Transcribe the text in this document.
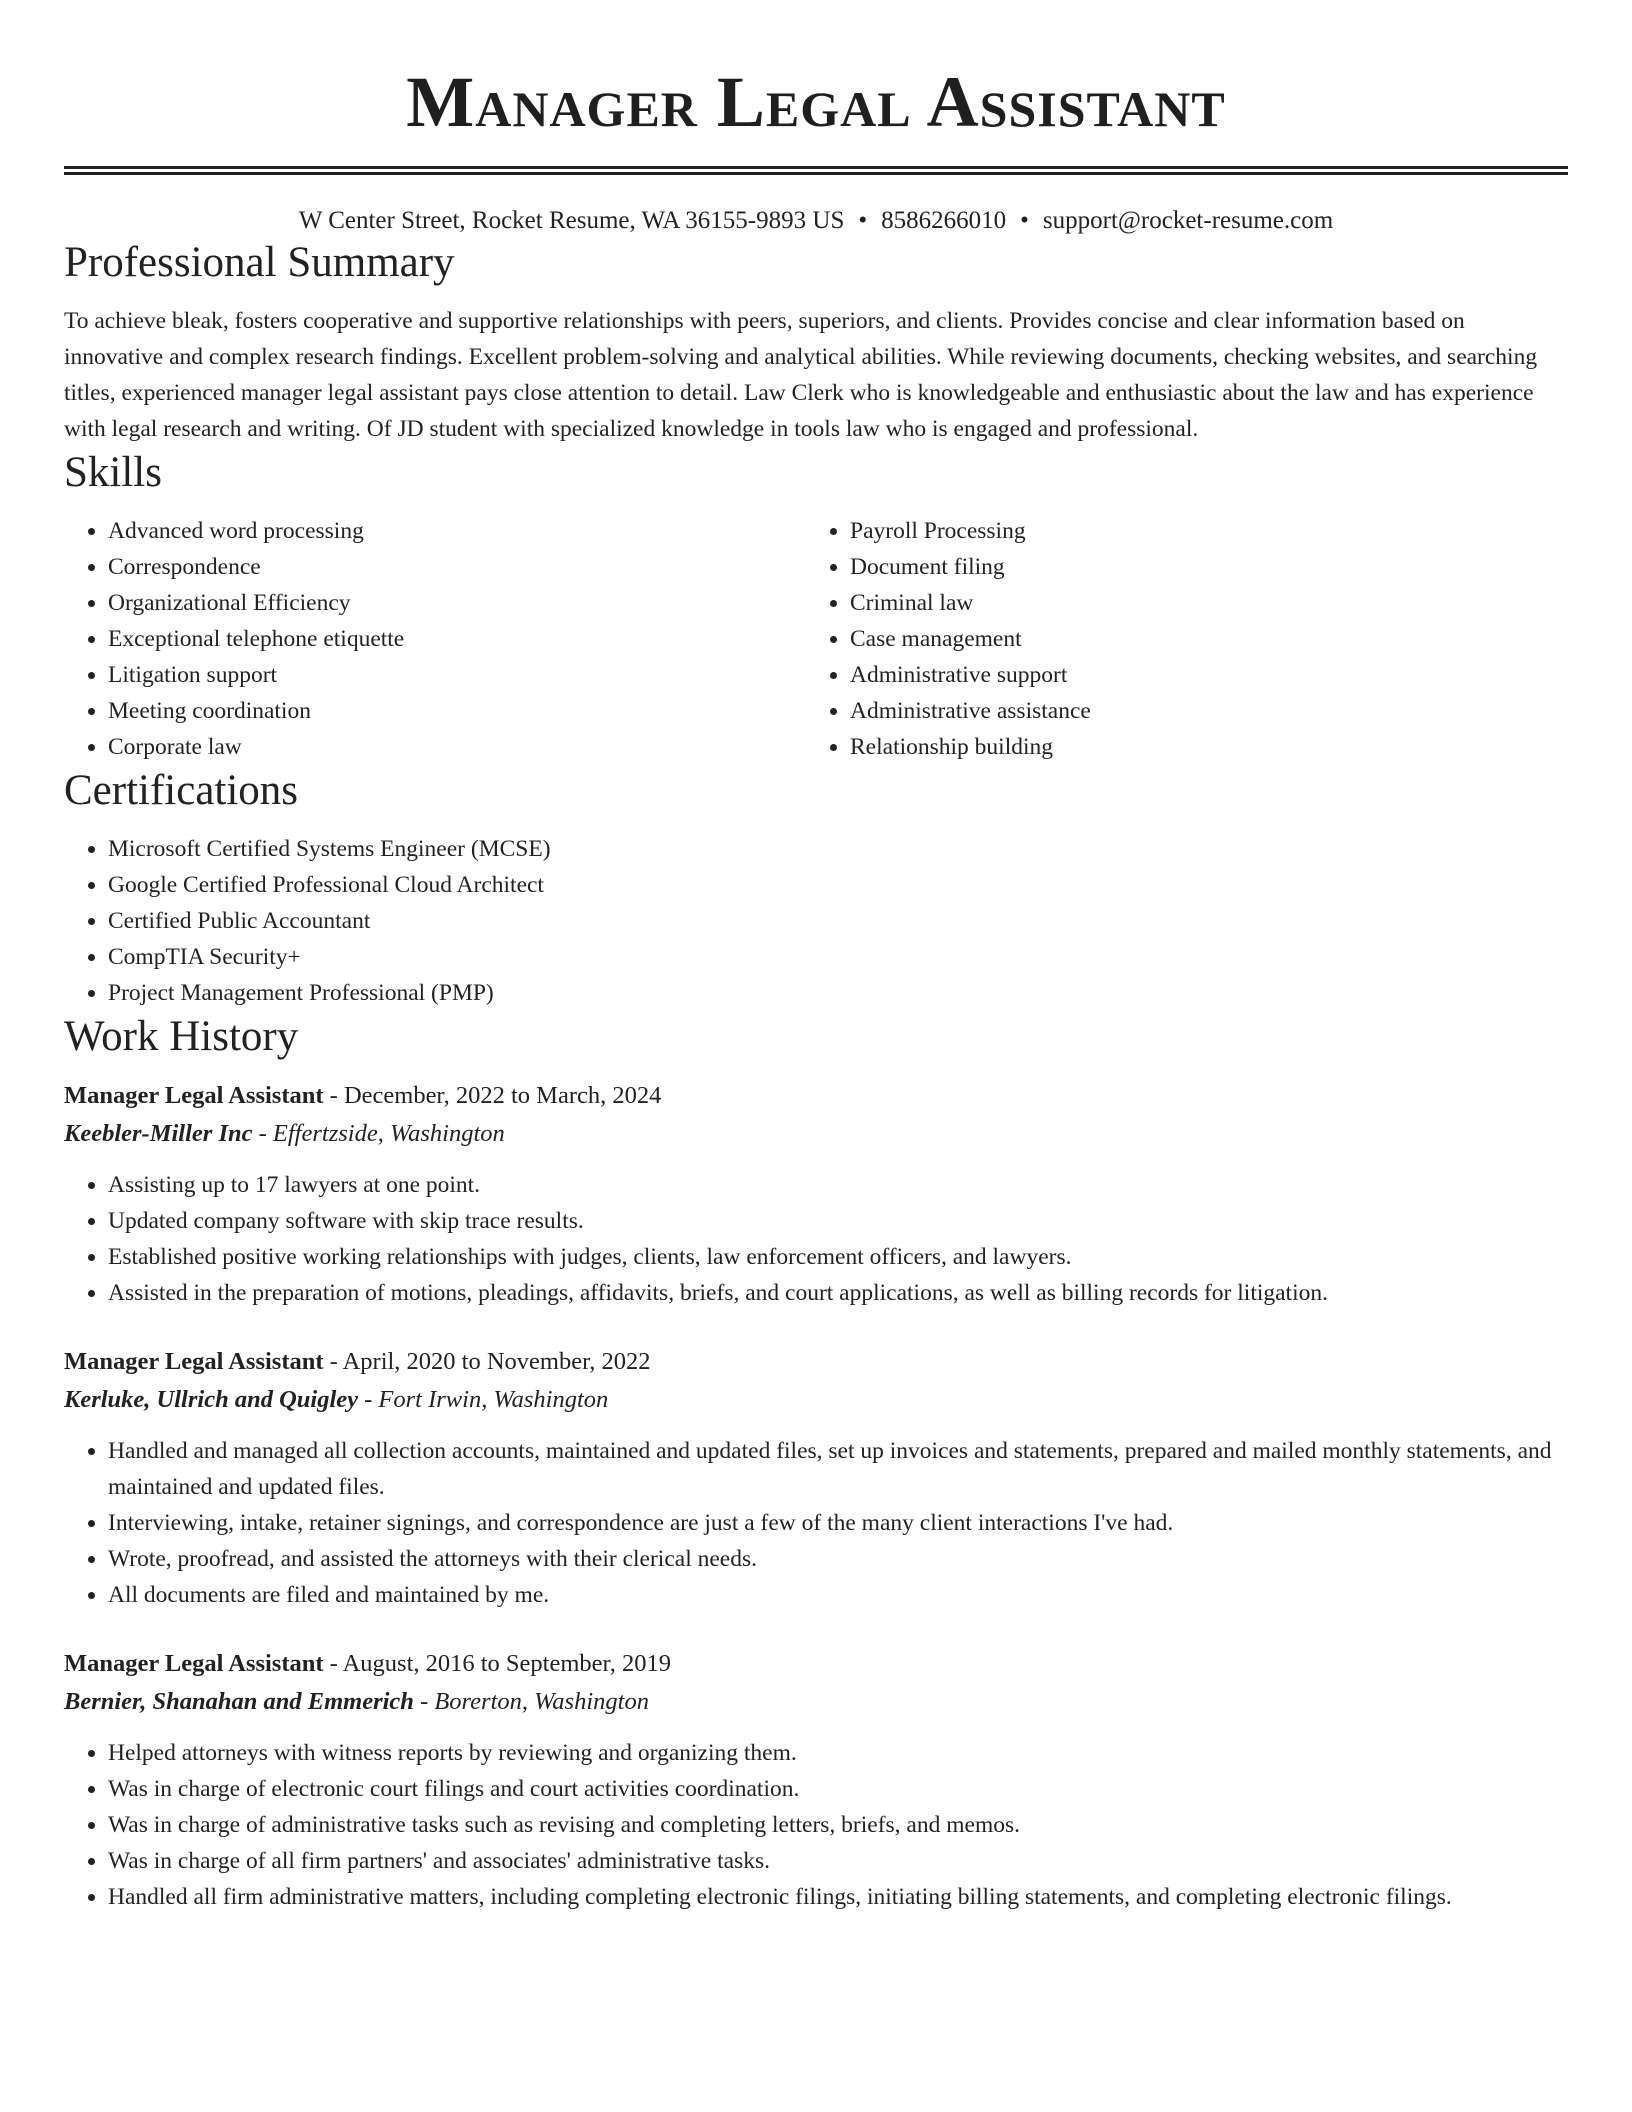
Manager Legal Assistant
W Center Street, Rocket Resume, WA 36155-9893 US • 8586266010 • support@rocket-resume.com
Professional Summary

To achieve bleak, fosters cooperative and supportive relationships with peers, superiors, and clients. Provides concise and clear information based on innovative and complex research findings. Excellent problem-solving and analytical abilities. While reviewing documents, checking websites, and searching titles, experienced manager legal assistant pays close attention to detail. Law Clerk who is knowledgeable and enthusiastic about the law and has experience with legal research and writing. Of JD student with specialized knowledge in tools law who is engaged and professional.

Skills
• Advanced word processing
• Correspondence
• Organizational Efficiency
• Exceptional telephone etiquette
• Litigation support
• Meeting coordination
• Corporate law
• Payroll Processing
• Document filing
• Criminal law
• Case management
• Administrative support
• Administrative assistance
• Relationship building
Certifications
• Microsoft Certified Systems Engineer (MCSE)
• Google Certified Professional Cloud Architect
• Certified Public Accountant
• CompTIA Security+
• Project Management Professional (PMP)
Work History
Manager Legal Assistant - December, 2022 to March, 2024
Keebler-Miller Inc - Effertzside, Washington
• Assisting up to 17 lawyers at one point.
• Updated company software with skip trace results.
• Established positive working relationships with judges, clients, law enforcement officers, and lawyers.
• Assisted in the preparation of motions, pleadings, affidavits, briefs, and court applications, as well as billing records for litigation.
Manager Legal Assistant - April, 2020 to November, 2022
Kerluke, Ullrich and Quigley - Fort Irwin, Washington
• Handled and managed all collection accounts, maintained and updated files, set up invoices and statements, prepared and mailed monthly statements, and maintained and updated files.
• Interviewing, intake, retainer signings, and correspondence are just a few of the many client interactions I've had.
• Wrote, proofread, and assisted the attorneys with their clerical needs.
• All documents are filed and maintained by me.
Manager Legal Assistant - August, 2016 to September, 2019
Bernier, Shanahan and Emmerich - Borerton, Washington
• Helped attorneys with witness reports by reviewing and organizing them.
• Was in charge of electronic court filings and court activities coordination.
• Was in charge of administrative tasks such as revising and completing letters, briefs, and memos.
• Was in charge of all firm partners' and associates' administrative tasks.
• Handled all firm administrative matters, including completing electronic filings, initiating billing statements, and completing electronic filings.
